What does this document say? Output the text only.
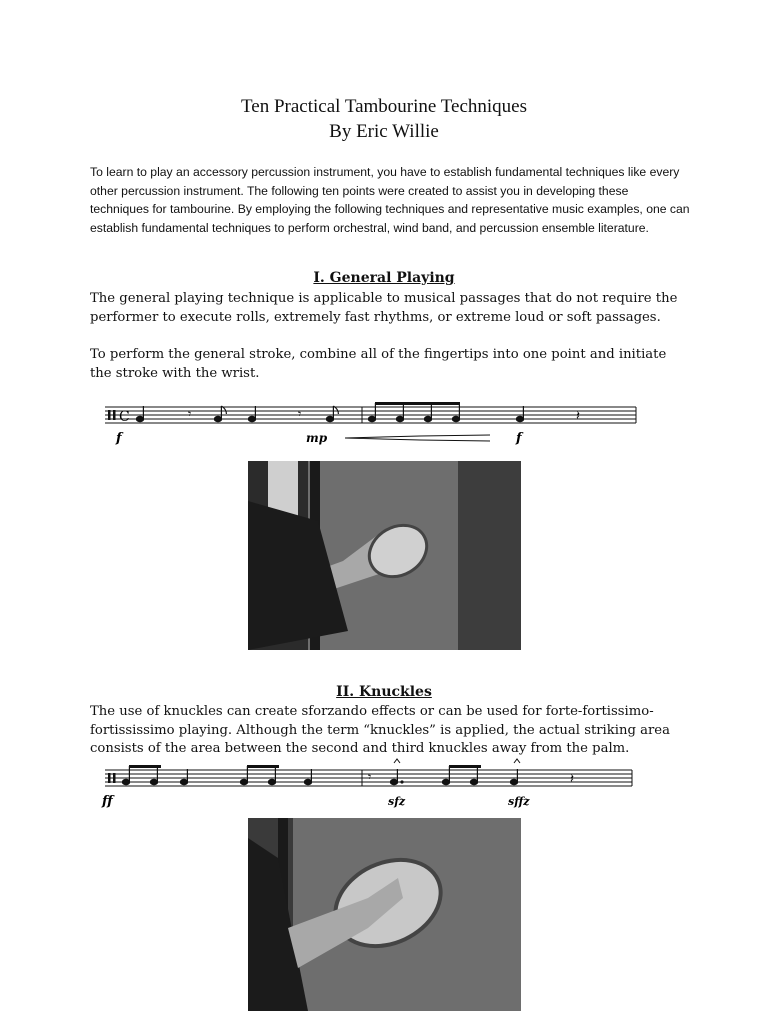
Ten Practical Tambourine Techniques
By Eric Willie

To learn to play an accessory percussion instrument, you have to establish fundamental techniques like every other percussion instrument. The following ten points were created to assist you in developing these techniques for tambourine. By employing the following techniques and representative music examples, one can establish fundamental techniques to perform orchestral, wind band, and percussion ensemble literature.

I. General Playing

The general playing technique is applicable to musical passages that do not require the performer to execute rolls, extremely fast rhythms, or extreme loud or soft passages.

To perform the general stroke, combine all of the fingertips into one point and initiate the stroke with the wrist.

C	𝄾	𝄾	𝄽
f	mp	f

II. Knuckles

The use of knuckles can create sforzando effects or can be used for forte-fortissimo-fortississimo playing. Although the term “knuckles” is applied, the actual striking area consists of the area between the second and third knuckles away from the palm.

𝄾	𝄽
ff	sfz	sffz
